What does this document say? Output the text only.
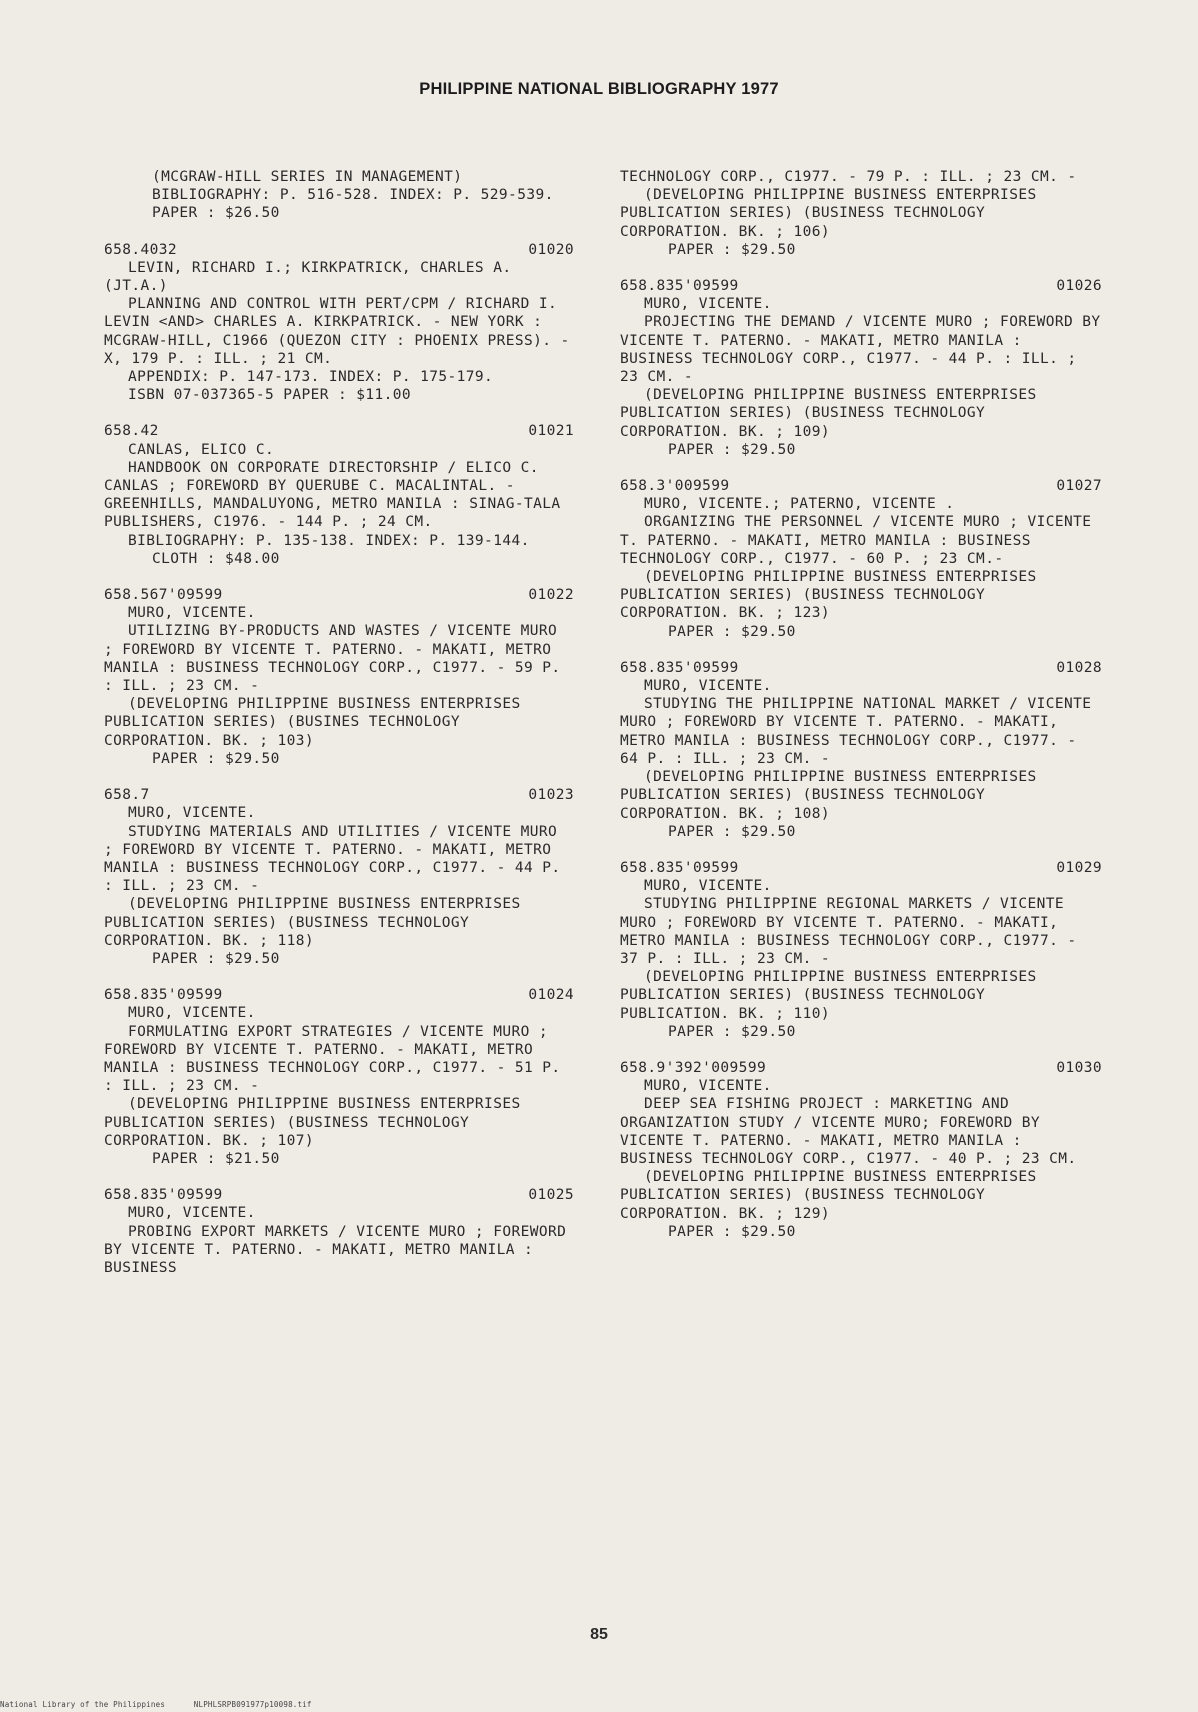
PHILIPPINE NATIONAL BIBLIOGRAPHY 1977
(MCGRAW-HILL SERIES IN MANAGEMENT)
BIBLIOGRAPHY: P. 516-528. INDEX: P. 529-539.
PAPER : $26.50
658.4032	01020
LEVIN, RICHARD I.; KIRKPATRICK, CHARLES A. (JT.A.)
PLANNING AND CONTROL WITH PERT/CPM / RICHARD I. LEVIN <AND> CHARLES A. KIRKPATRICK. - NEW YORK : MCGRAW-HILL, C1966 (QUEZON CITY : PHOENIX PRESS). - X, 179 P. : ILL. ; 21 CM.
APPENDIX: P. 147-173. INDEX: P. 175-179.
ISBN 07-037365-5 PAPER : $11.00
658.42	01021
CANLAS, ELICO C.
HANDBOOK ON CORPORATE DIRECTORSHIP / ELICO C. CANLAS ; FOREWORD BY QUERUBE C. MACALINTAL. - GREENHILLS, MANDALUYONG, METRO MANILA : SINAG-TALA PUBLISHERS, C1976. - 144 P. ; 24 CM.
BIBLIOGRAPHY: P. 135-138. INDEX: P. 139-144.
CLOTH : $48.00
658.567'09599	01022
MURO, VICENTE.
UTILIZING BY-PRODUCTS AND WASTES / VICENTE MURO ; FOREWORD BY VICENTE T. PATERNO. - MAKATI, METRO MANILA : BUSINESS TECHNOLOGY CORP., C1977. - 59 P. : ILL. ; 23 CM. -
(DEVELOPING PHILIPPINE BUSINESS ENTERPRISES PUBLICATION SERIES) (BUSINES TECHNOLOGY CORPORATION. BK. ; 103)
PAPER : $29.50
658.7	01023
MURO, VICENTE.
STUDYING MATERIALS AND UTILITIES / VICENTE MURO ; FOREWORD BY VICENTE T. PATERNO. - MAKATI, METRO MANILA : BUSINESS TECHNOLOGY CORP., C1977. - 44 P. : ILL. ; 23 CM. -
(DEVELOPING PHILIPPINE BUSINESS ENTERPRISES PUBLICATION SERIES) (BUSINESS TECHNOLOGY CORPORATION. BK. ; 118)
PAPER : $29.50
658.835'09599	01024
MURO, VICENTE.
FORMULATING EXPORT STRATEGIES / VICENTE MURO ; FOREWORD BY VICENTE T. PATERNO. - MAKATI, METRO MANILA : BUSINESS TECHNOLOGY CORP., C1977. - 51 P. : ILL. ; 23 CM. -
(DEVELOPING PHILIPPINE BUSINESS ENTERPRISES PUBLICATION SERIES) (BUSINESS TECHNOLOGY CORPORATION. BK. ; 107)
PAPER : $21.50
658.835'09599	01025
MURO, VICENTE.
PROBING EXPORT MARKETS / VICENTE MURO ; FOREWORD BY VICENTE T. PATERNO. - MAKATI, METRO MANILA : BUSINESS
TECHNOLOGY CORP., C1977. - 79 P. : ILL. ; 23 CM. -
(DEVELOPING PHILIPPINE BUSINESS ENTERPRISES PUBLICATION SERIES) (BUSINESS TECHNOLOGY CORPORATION. BK. ; 106)
PAPER : $29.50
658.835'09599	01026
MURO, VICENTE.
PROJECTING THE DEMAND / VICENTE MURO ; FOREWORD BY VICENTE T. PATERNO. - MAKATI, METRO MANILA : BUSINESS TECHNOLOGY CORP., C1977. - 44 P. : ILL. ; 23 CM. -
(DEVELOPING PHILIPPINE BUSINESS ENTERPRISES PUBLICATION SERIES) (BUSINESS TECHNOLOGY CORPORATION. BK. ; 109)
PAPER : $29.50
658.3'009599	01027
MURO, VICENTE.; PATERNO, VICENTE .
ORGANIZING THE PERSONNEL / VICENTE MURO ; VICENTE T. PATERNO. - MAKATI, METRO MANILA : BUSINESS TECHNOLOGY CORP., C1977. - 60 P. ; 23 CM.-
(DEVELOPING PHILIPPINE BUSINESS ENTERPRISES PUBLICATION SERIES) (BUSINESS TECHNOLOGY CORPORATION. BK. ; 123)
PAPER : $29.50
658.835'09599	01028
MURO, VICENTE.
STUDYING THE PHILIPPINE NATIONAL MARKET / VICENTE MURO ; FOREWORD BY VICENTE T. PATERNO. - MAKATI, METRO MANILA : BUSINESS TECHNOLOGY CORP., C1977. - 64 P. : ILL. ; 23 CM. -
(DEVELOPING PHILIPPINE BUSINESS ENTERPRISES PUBLICATION SERIES) (BUSINESS TECHNOLOGY CORPORATION. BK. ; 108)
PAPER : $29.50
658.835'09599	01029
MURO, VICENTE.
STUDYING PHILIPPINE REGIONAL MARKETS / VICENTE MURO ; FOREWORD BY VICENTE T. PATERNO. - MAKATI, METRO MANILA : BUSINESS TECHNOLOGY CORP., C1977. - 37 P. : ILL. ; 23 CM. -
(DEVELOPING PHILIPPINE BUSINESS ENTERPRISES PUBLICATION SERIES) (BUSINESS TECHNOLOGY PUBLICATION. BK. ; 110)
PAPER : $29.50
658.9'392'009599	01030
MURO, VICENTE.
DEEP SEA FISHING PROJECT : MARKETING AND ORGANIZATION STUDY / VICENTE MURO; FOREWORD BY VICENTE T. PATERNO. - MAKATI, METRO MANILA : BUSINESS TECHNOLOGY CORP., C1977. - 40 P. ; 23 CM.
(DEVELOPING PHILIPPINE BUSINESS ENTERPRISES PUBLICATION SERIES) (BUSINESS TECHNOLOGY CORPORATION. BK. ; 129)
PAPER : $29.50
85
National Library of the Philippines	NLPHLSRPB091977p10098.tif
